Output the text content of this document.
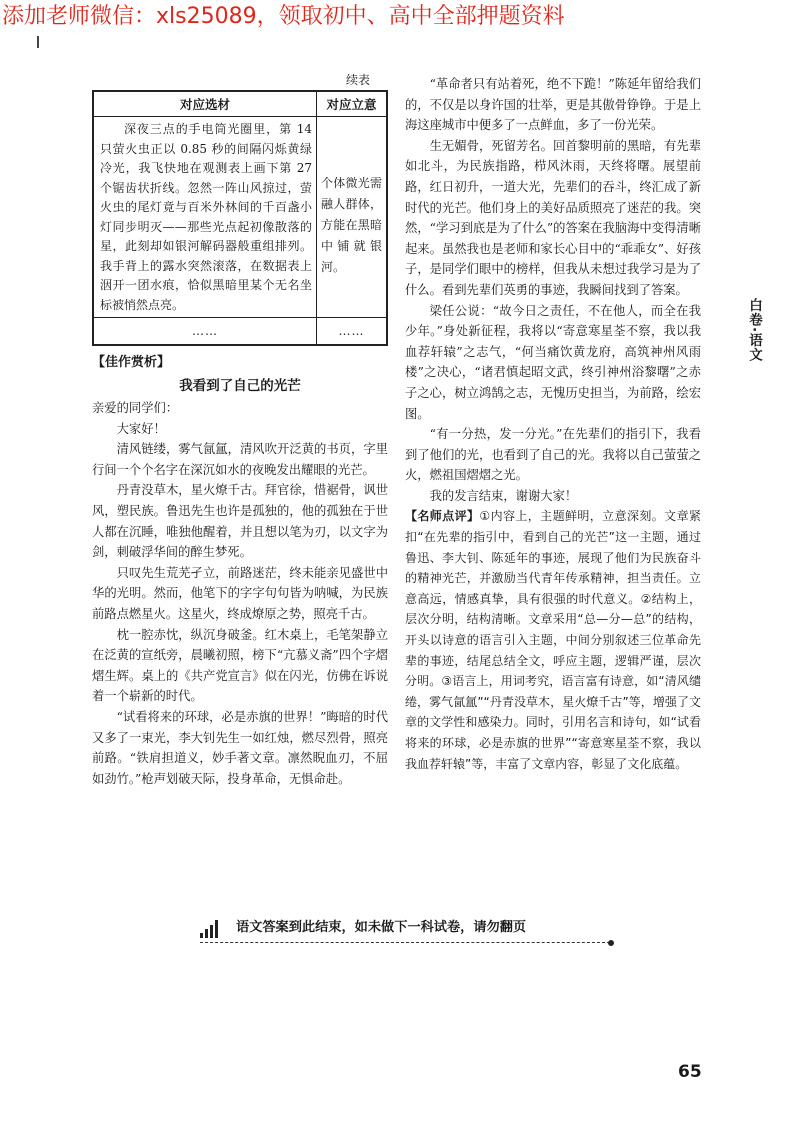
添加老师微信：xls25089，领取初中、高中全部押题资料
续表
对应选材	对应立意

深夜三点的手电筒光圈里，第 14 只萤火虫正以 0.85 秒的间隔闪烁黄绿冷光，我飞快地在观测表上画下第 27 个锯齿状折线。忽然一阵山风掠过，萤火虫的尾灯竟与百米外林间的千百盏小灯同步明灭——那些光点起初像散落的星，此刻却如银河解码器般重组排列。我手背上的露水突然滚落，在数据表上洇开一团水痕，恰似黑暗里某个无名坐标被悄然点亮。	个体微光需融人群体，方能在黑暗中铺就银河。

……	……
【佳作赏析】
我看到了自己的光芒

亲爱的同学们：

大家好！

清风链缕，雾气氤氲，清风吹开泛黄的书页，字里行间一个个名字在深沉如水的夜晚发出耀眼的光芒。

丹青没草木，星火燎千古。拜官徐，惜裾骨，讽世风，塑民族。鲁迅先生也许是孤独的，他的孤独在于世人都在沉睡，唯独他醒着，并且想以笔为刃，以文字为剑，刺破浮华间的醉生梦死。

只叹先生荒芜孑立，前路迷茫，终未能亲见盛世中华的光明。然而，他笔下的字字句句皆为呐喊，为民族前路点燃星火。这星火，终成燎原之势，照亮千古。

枕一腔赤忱，纵沉身破釜。红木桌上，毛笔架静立在泛黄的宣纸旁，晨曦初照，榜下“亢慕义斋”四个字熠熠生辉。桌上的《共产党宣言》似在闪光，仿佛在诉说着一个崭新的时代。

“试看将来的环球，必是赤旗的世界！”晦暗的时代又多了一束光，李大钊先生一如红烛，燃尽烈骨，照亮前路。“铁肩担道义，妙手著文章。凛然睨血刃，不屈如劲竹。”枪声划破天际，投身革命，无惧命赴。

“革命者只有站着死，绝不下跪！”陈延年留给我们的，不仅是以身许国的壮举，更是其傲骨铮铮。于是上海这座城市中便多了一点鲜血，多了一份光荣。

生无媚骨，死留芳名。回首黎明前的黑暗，有先辈如北斗，为民族指路，栉风沐雨，天终将曙。展望前路，红日初升，一道大光，先辈们的吞斗，终汇成了新时代的光芒。他们身上的美好品质照亮了迷茫的我。突然，“学习到底是为了什么”的答案在我脑海中变得清晰起来。虽然我也是老师和家长心目中的“乖乖女”、好孩子，是同学们眼中的榜样，但我从未想过我学习是为了什么。看到先辈们英勇的事迹，我瞬间找到了答案。

梁任公说：“故今日之责任，不在他人，而全在我少年。”身处新征程，我将以“寄意寒星荃不察，我以我血荐轩辕”之志气，“何当痛饮黄龙府，高筑神州风雨楼”之决心，“诸君慎起昭文武，终引神州浴黎曙”之赤子之心，树立鸿鹄之志，无愧历史担当，为前路，绘宏图。

“有一分热，发一分光。”在先辈们的指引下，我看到了他们的光，也看到了自己的光。我将以自己萤萤之火，燃祖国熠熠之光。

我的发言结束，谢谢大家！

【名师点评】①内容上，主题鲜明，立意深刻。文章紧扣“在先辈的指引中，看到自己的光芒”这一主题，通过鲁迅、李大钊、陈延年的事迹，展现了他们为民族奋斗的精神光芒，并激励当代青年传承精神，担当责任。立意高远，情感真挚，具有很强的时代意义。②结构上，层次分明，结构清晰。文章采用“总—分—总”的结构，开头以诗意的语言引入主题，中间分别叙述三位革命先辈的事迹，结尾总结全文，呼应主题，逻辑严谨，层次分明。③语言上，用词考究，语言富有诗意，如“清风缱绻，雾气氤氲”“丹青没草木，星火燎千古”等，增强了文章的文学性和感染力。同时，引用名言和诗句，如“试看将来的环球，必是赤旗的世界”“寄意寒星荃不察，我以我血荐轩辕”等，丰富了文章内容，彰显了文化底蕴。

白卷·语文
语文答案到此结束，如未做下一科试卷，请勿翻页
65
